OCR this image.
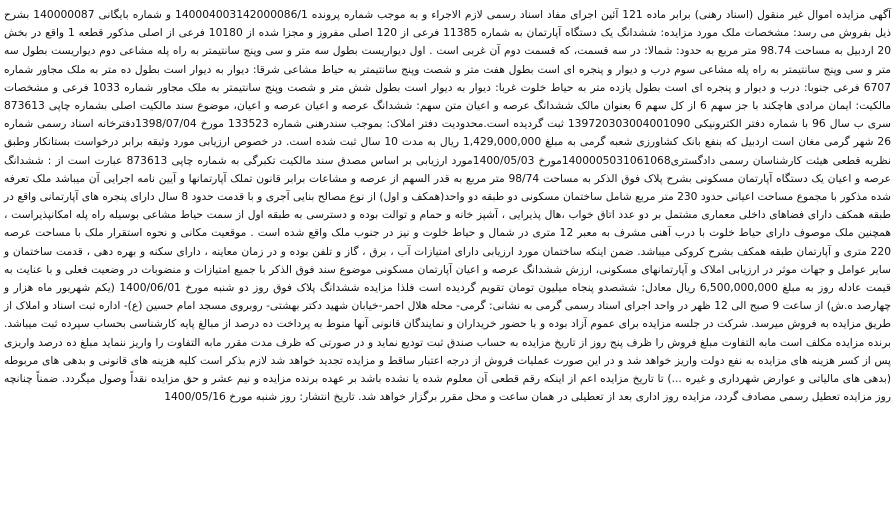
آگهی مزایده اموال غیر منقول (اسناد رهنی) برابر ماده 121 آئین اجرای مفاد اسناد رسمی لازم الاجراء و به موجب شماره پرونده 140004003142000086/1 و شماره بایگانی 140000087 بشرح ذیل بفروش می رسد: مشخصات ملک مورد مزایده: ششدانگ یک دستگاه آپارتمان به شماره 11385 فرعی از 120 اصلی مفروز و مجزا شده از 10180 فرعی از اصلی مذکور قطعه 1 واقع در بخش 20 اردبیل به مساحت 98.74 متر مربع به حدود: شمالا: در سه قسمت، که قسمت دوم آن غربی است . اول دیواریست بطول سه متر و سی وپنج سانتیمتر به راه پله مشاعی دوم دیواریست بطول سه متر و سی وپنج سانتیمتر به راه پله مشاعی سوم درب و دیوار و پنجره ای است بطول هفت متر و شصت وپنج سانتیمتر به حیاط مشاعی شرقا: دیوار به دیوار است بطول ده متر به ملک مجاور شماره 6707 فرعی جنوبا: درب و دیوار و پنجره ای است بطول یازده متر به حیاط خلوت غربا: دیوار به دیوار است بطول شش متر و شصت وپنج سانتیمتر به ملک مجاور شماره 1033 فرعی و مشخصات مالکیت: ایمان مرادی هاچکند با جز سهم 6 از کل سهم 6 بعنوان مالک ششدانگ عرصه و اعیان متن سهم: ششدانگ عرصه و اعیان عرصه و اعیان، موضوع سند مالکیت اصلی بشماره چاپی 873613 سری ب سال 96 با شماره دفتر الکترونیکی 139720303004001090 ثبت گردیده است.محدودیت دفتر املاک: بموجب سندرهنی شماره 133523 مورخ 1398/07/04دفترخانه اسناد رسمی شماره 26 شهر گرمی مغان است اردبیل که بنفع بانک کشاورزی شعبه گرمی به مبلغ 1,429,000,000 ریال به مدت 10 سال ثبت شده است. در خصوص ارزیابی مورد وثیقه برابر درخواست بستانکار وطبق نظریه قطعی هیئت کارشناسان رسمی دادگستری1400005031061068مورخ 1400/05/03مورد ارزیابی بر اساس مصدق سند مالکیت تکبرگی به شماره چاپی 873613 عبارت است از : ششدانگ عرصه و اعیان یک دستگاه آپارتمان مسکونی بشرح پلاک فوق الذکر به مساحت 98/74 متر مربع به قدر السهم از عرصه و مشاعات برابر قانون تملک آپارتمانها و آیین نامه اجرایی آن میباشد ملک تعرفه شده مذکور با مجموع مساحت اعیانی حدود 230 متر مربع شامل ساختمان مسکونی دو طبقه دو واحد(همکف و اول) از نوع مصالح بنایی آجری و با قدمت حدود 8 سال دارای پنجره های آپارتمانی واقع در طبقه همکف دارای فضاهای داخلی معماری مشتمل بر دو عدد اتاق خواب ،هال پذیرایی ، آشپز خانه و حمام و توالت بوده و دسترسی به طبقه اول از سمت حیاط مشاعی بوسیله راه پله امکانپذیراست ، همچنین ملک موصوف دارای حیاط خلوت با درب آهنی مشرف به معبر 12 متری در شمال و حیاط خلوت و نیز در جنوب ملک واقع شده است . موقعیت مکانی و نحوه استقرار ملک با مساحت عرصه 220 متری و آپارتمان طبقه همکف بشرح کروکی میباشد. ضمن اینکه ساختمان مورد ارزیابی دارای امتیازات آب ، برق ، گاز و تلفن بوده و در زمان معاینه ، دارای سکنه و بهره دهی ، قدمت ساختمان و سایر عوامل و جهات موثر در ارزیابی املاک و آپارتمانهای مسکونی، ارزش ششدانگ عرصه و اعیان آپارتمان مسکونی موضوع سند فوق الذکر با جمیع امتیازات و منضوبات در وضعیت فعلی و با عنایت به قیمت عادله روز به مبلغ 6,500,000,000 ریال معادل: ششصدو پنجاه میلیون تومان تقویم گردیده است فلذا مزایده ششدانگ پلاک فوق روز دو شنبه مورخ 1400/06/01 (یکم شهریور ماه هزار و چهارصد ه.ش) از ساعت 9 صبح الی 12 ظهر در واحد اجرای اسناد رسمی گرمی به نشانی: گرمی- محله هلال احمر-خیابان شهید دکتر بهشتی- روبروی مسجد امام حسین (ع)- اداره ثبت اسناد و املاک از طریق مزایده به فروش میرسد. شرکت در جلسه مزایده برای عموم آزاد بوده و با حضور خریداران و نمایندگان قانونی آنها منوط به پرداخت ده درصد از مبالغ پایه کارشناسی بحساب سپرده ثبت میباشد. برنده مزایده مکلف است مابه التفاوت مبلغ فروش را ظرف پنج روز از تاریخ مزایده به حساب صندق ثبت تودیع نماید و در صورتی که ظرف مدت مقرر مابه التفاوت را واریز ننماید مبلغ ده درصد واریزی پس از کسر هزینه های مزایده به نفع دولت واریز خواهد شد و در این صورت عملیات فروش از درجه اعتبار ساقط و مزایده تجدید خواهد شد لازم بذکر است کلیه هزینه های قانونی و بدهی های مربوطه (بدهی های مالیاتی و عوارض شهرداری و غیره ...) تا تاریخ مزایده اعم از اینکه رقم قطعی آن معلوم شده یا نشده باشد بر عهده برنده مزایده و نیم عشر و حق مزایده نقداً وصول میگردد. ضمناً چنانچه روز مزایده تعطیل رسمی مصادف گردد، مزایده روز اداری بعد از تعطیلی در همان ساعت و محل مقرر برگزار خواهد شد. تاریخ انتشار: روز شنبه مورخ 1400/05/16
